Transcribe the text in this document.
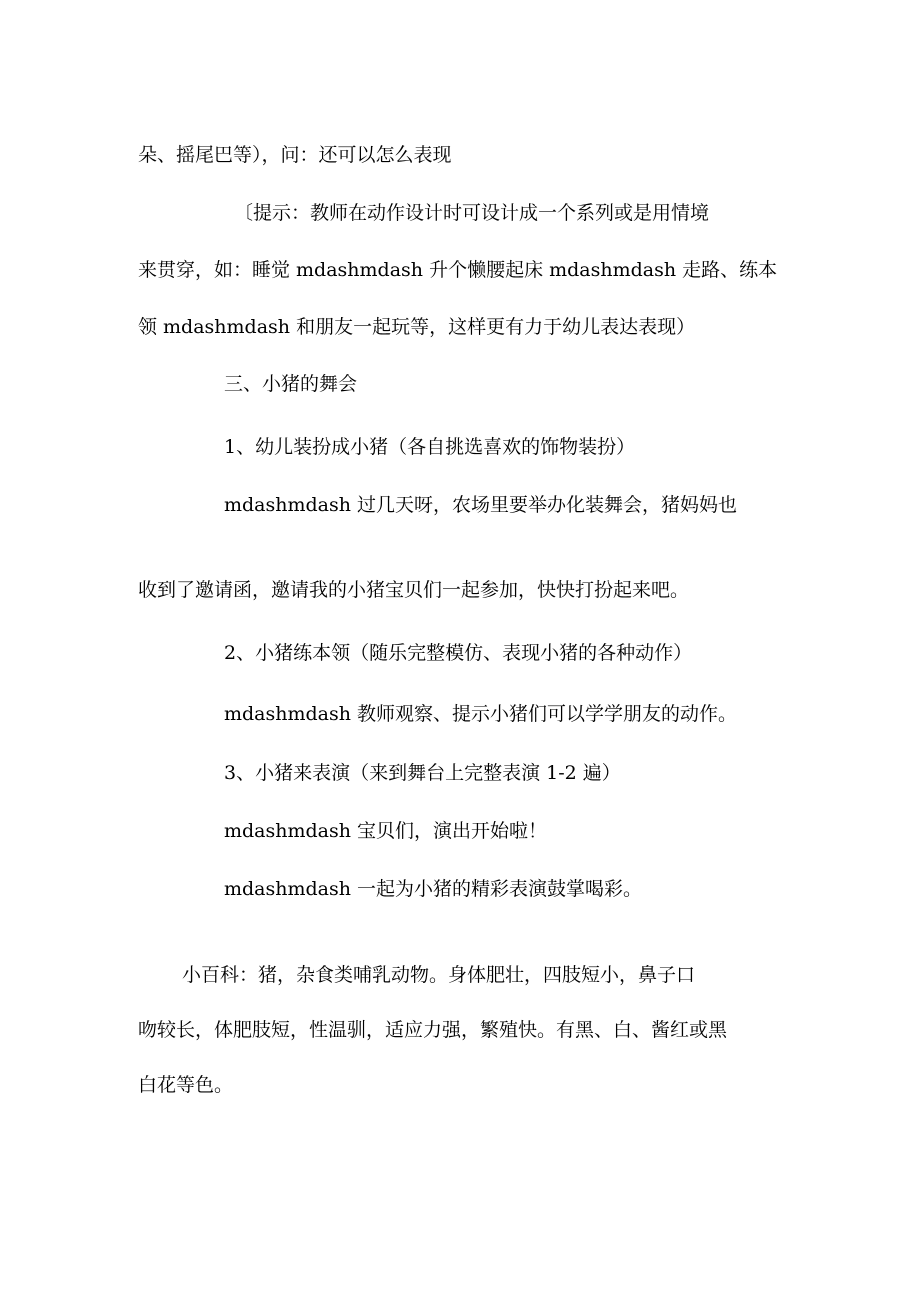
朵、摇尾巴等），问：还可以怎么表现
〔提示：教师在动作设计时可设计成一个系列或是用情境
来贯穿，如：睡觉 mdashmdash 升个懒腰起床 mdashmdash 走路、练本
领 mdashmdash 和朋友一起玩等，这样更有力于幼儿表达表现）
三、小猪的舞会
1、幼儿装扮成小猪（各自挑选喜欢的饰物装扮）
mdashmdash 过几天呀，农场里要举办化装舞会，猪妈妈也
收到了邀请函，邀请我的小猪宝贝们一起参加，快快打扮起来吧。
2、小猪练本领（随乐完整模仿、表现小猪的各种动作）
mdashmdash 教师观察、提示小猪们可以学学朋友的动作。
3、小猪来表演（来到舞台上完整表演 1-2 遍）
mdashmdash 宝贝们，演出开始啦！
mdashmdash 一起为小猪的精彩表演鼓掌喝彩。
小百科：猪，杂食类哺乳动物。身体肥壮，四肢短小，鼻子口
吻较长，体肥肢短，性温驯，适应力强，繁殖快。有黑、白、酱红或黑
白花等色。
